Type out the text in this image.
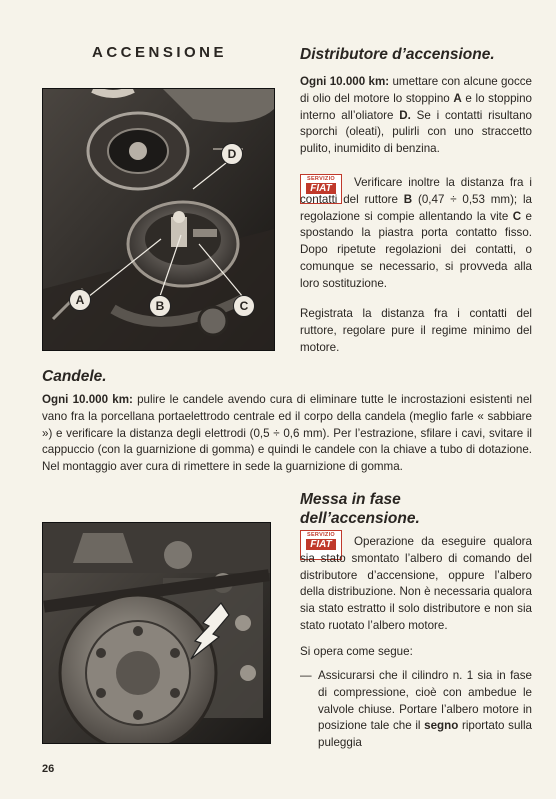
ACCENSIONE	Distributore d’accensione.
A	B	C
D

Ogni 10.000 km: umettare con alcune gocce di olio del motore lo stoppino A e lo stoppino interno all’oliatore D. Se i contatti risultano sporchi (oleati), pulirli con uno straccetto pulito, inumidito di benzina.

SERVIZIO
FIAT	Verificare inoltre la distanza fra i contatti del ruttore B (0,47 ÷ 0,53 mm); la regolazione si compie allentando la vite C e spostando la piastra porta contatto fisso. Dopo ripetute regolazioni dei contatti, o comunque se necessario, si provveda alla loro sostituzione.

Registrata la distanza fra i contatti del ruttore, regolare pure il regime minimo del motore.

Candele.

Ogni 10.000 km: pulire le candele avendo cura di eliminare tutte le incrostazioni esistenti nel vano fra la porcellana portaelettrodo centrale ed il corpo della candela (meglio farle « sabbiare ») e verificare la distanza degli elettrodi (0,5 ÷ 0,6 mm). Per l’estrazione, sfilare i cavi, svitare il cappuccio (con la guarnizione di gomma) e quindi le candele con la chiave a tubo di dotazione. Nel montaggio aver cura di rimettere in sede la guarnizione di gomma.

Messa in fase
dell’accensione.
SERVIZIO
FIAT	Operazione da eseguire qualora sia stato smontato l’albero di comando del distributore d’accensione, oppure l’albero della distribuzione. Non è necessaria qualora sia stato estratto il solo distributore e non sia stato ruotato l’albero motore.

Si opera come segue:

— Assicurarsi che il cilindro n. 1 sia in fase di compressione, cioè con ambedue le valvole chiuse. Portare l’albero motore in posizione tale che il segno riportato sulla puleggia
26
